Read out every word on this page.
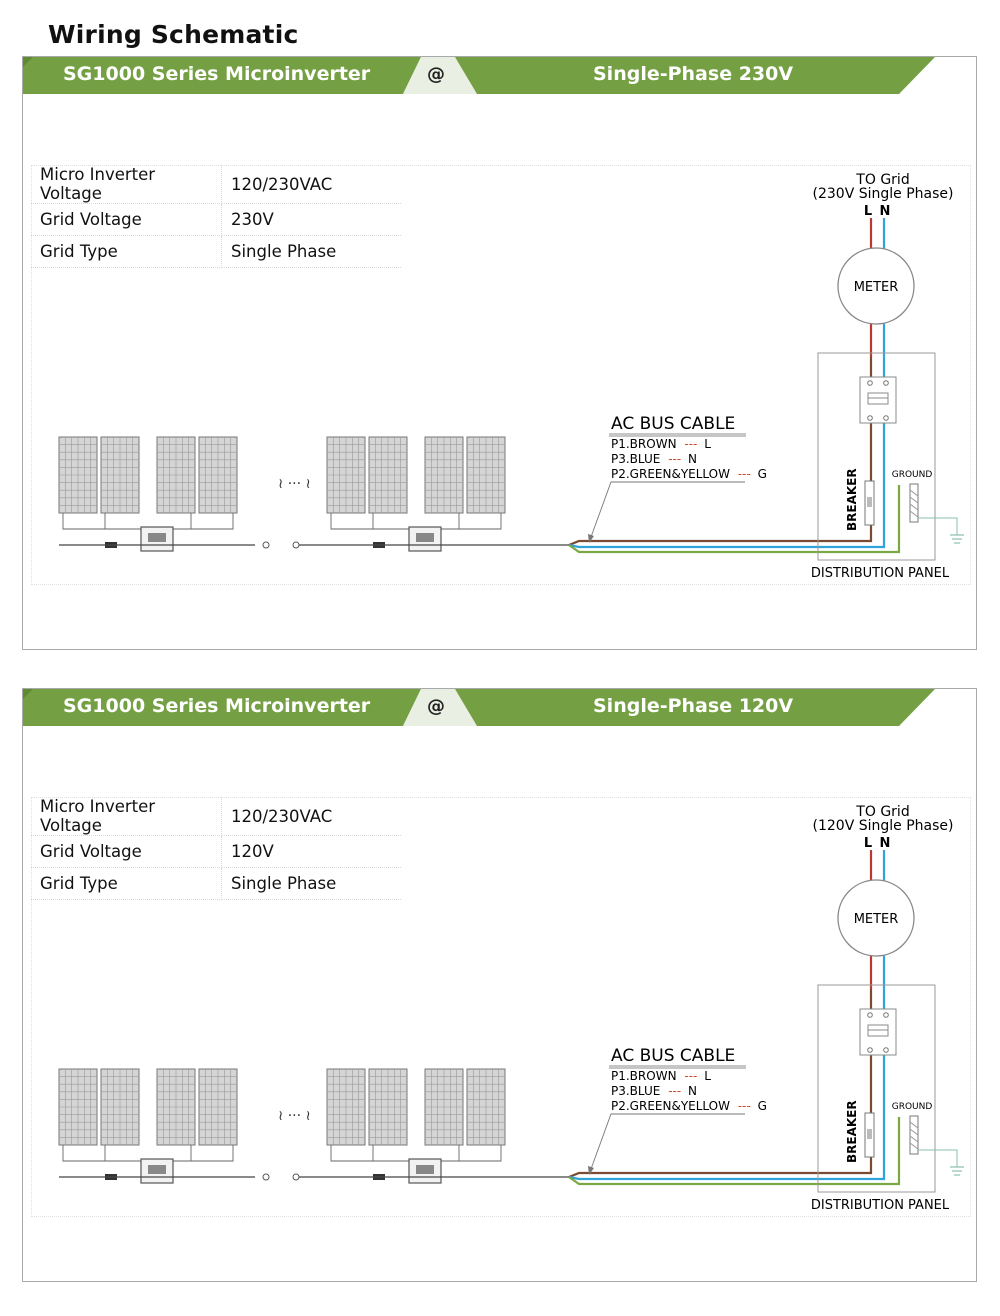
Wiring Schematic
SG1000 Series Microinverter	@	Single-Phase 230V
Micro Inverter Voltage	120/230VAC
Grid Voltage	230V
Grid Type	Single Phase
≀ ··· ≀
TO Grid
(230V Single Phase)
L N
METER
BREAKER	GROUND
DISTRIBUTION PANEL
AC BUS CABLE
P1.BROWN --- L
P3.BLUE --- N
P2.GREEN&YELLOW --- G
SG1000 Series Microinverter	@	Single-Phase 120V
Micro Inverter Voltage	120/230VAC
Grid Voltage	120V
Grid Type	Single Phase
≀ ··· ≀
TO Grid
(120V Single Phase)
L N
METER
BREAKER	GROUND
DISTRIBUTION PANEL
AC BUS CABLE
P1.BROWN --- L
P3.BLUE --- N
P2.GREEN&YELLOW --- G
